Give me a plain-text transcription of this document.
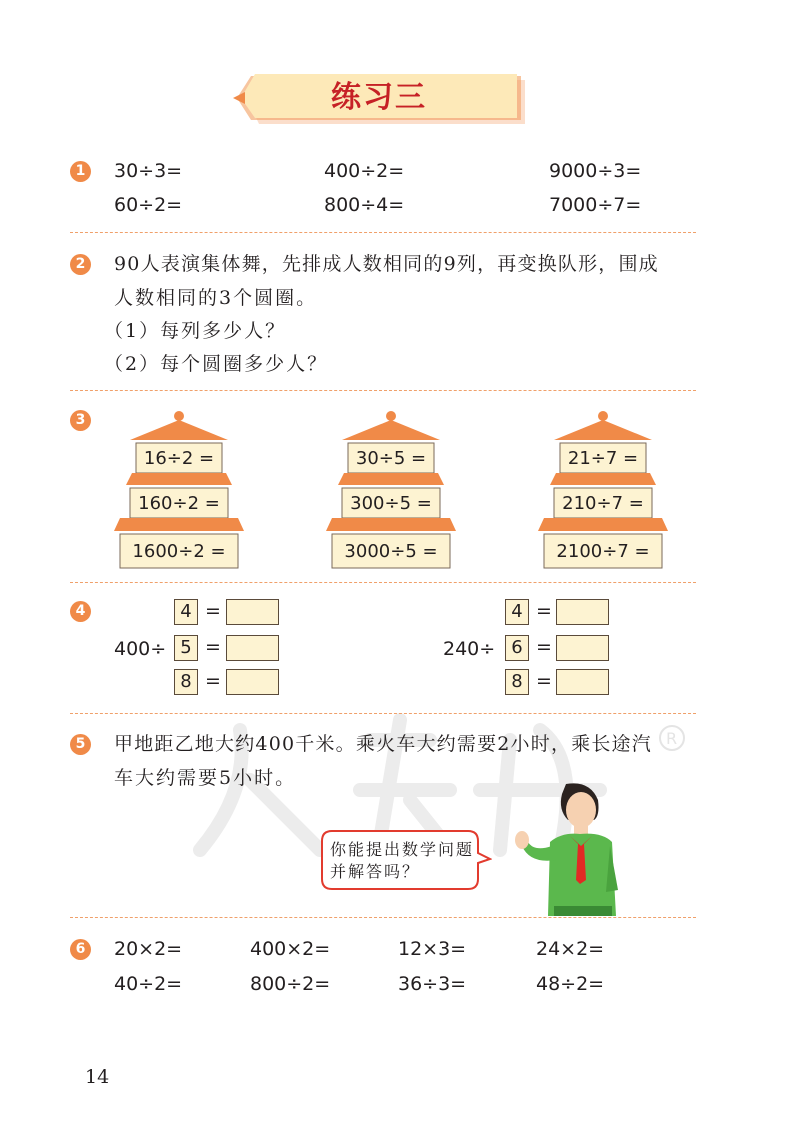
R
练习三
1 30÷3=	400÷2=	9000÷3=
60÷2=	800÷4=	7000÷7=
2 90人表演集体舞，先排成人数相同的9列，再变换队形，围成
人数相同的3个圆圈。
（1）每列多少人？
（2）每个圆圈多少人？
3
16÷2 =
160÷2 =
1600÷2 =
30÷5 =
300÷5 =
3000÷5 =
21÷7 =
210÷7 =
2100÷7 =
4
400÷
4 =
5 =
8 =
240÷
4 =
6 =
8 =
5 甲地距乙地大约400千米。乘火车大约需要2小时，乘长途汽
车大约需要5小时。
你能提出数学问题
并解答吗？
6 20×2=	400×2=	12×3=	24×2=
40÷2=	800÷2=	36÷3=	48÷2=
14
